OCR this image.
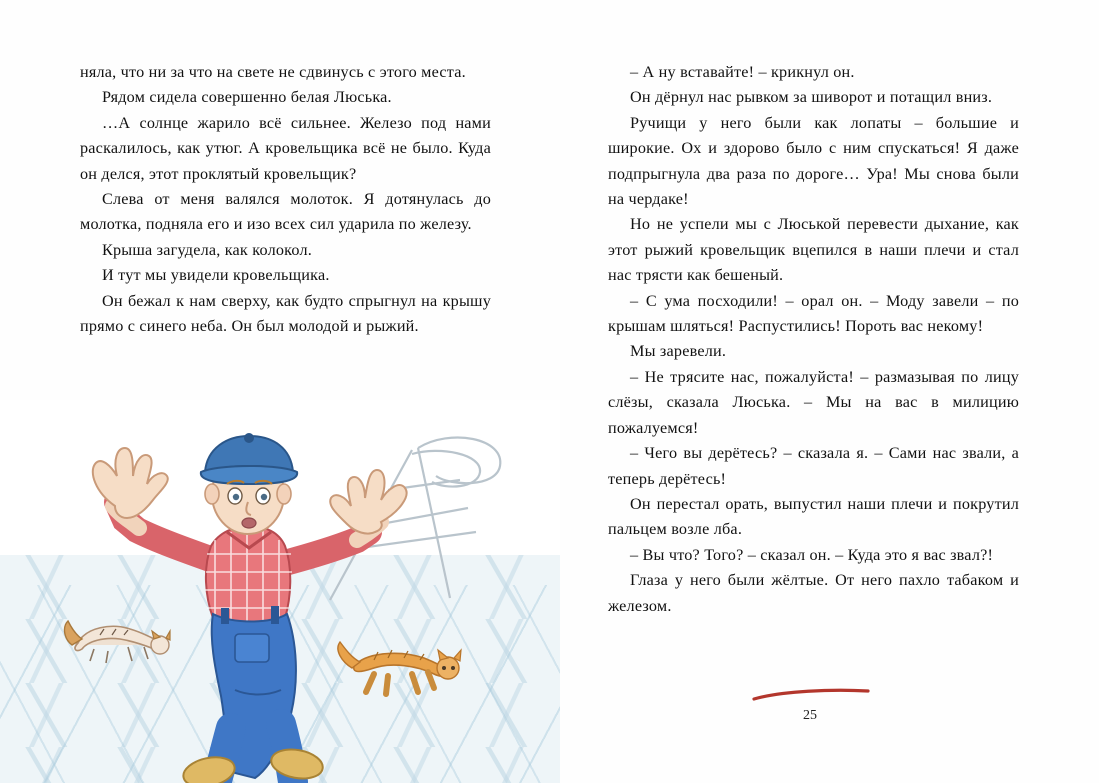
няла, что ни за что на свете не сдвинусь с этого места.

Рядом сидела совершенно белая Люська.

…А солнце жарило всё сильнее. Железо под нами раскалилось, как утюг. А кровельщика всё не было. Куда он делся, этот проклятый кровельщик?

Слева от меня валялся молоток. Я дотянулась до молотка, подняла его и изо всех сил ударила по железу.

Крыша загудела, как колокол.

И тут мы увидели кровельщика.

Он бежал к нам сверху, как будто спрыгнул на крышу прямо с синего неба. Он был молодой и рыжий.

– А ну вставайте! – крикнул он.

Он дёрнул нас рывком за шиворот и потащил вниз.

Ручищи у него были как лопаты – большие и широкие. Ох и здорово было с ним спускаться! Я даже подпрыгнула два раза по дороге… Ура! Мы снова были на чердаке!

Но не успели мы с Люськой перевести дыхание, как этот рыжий кровельщик вцепился в наши плечи и стал нас трясти как бешеный.

– С ума посходили! – орал он. – Моду завели – по крышам шляться! Распустились! Пороть вас некому!

Мы заревели.

– Не трясите нас, пожалуйста! – размазывая по лицу слёзы, сказала Люська. – Мы на вас в милицию пожалуемся!

– Чего вы дерётесь? – сказала я. – Сами нас звали, а теперь дерётесь!

Он перестал орать, выпустил наши плечи и покрутил пальцем возле лба.

– Вы что? Того? – сказал он. – Куда это я вас звал?!

Глаза у него были жёлтые. От него пахло табаком и железом.

25
